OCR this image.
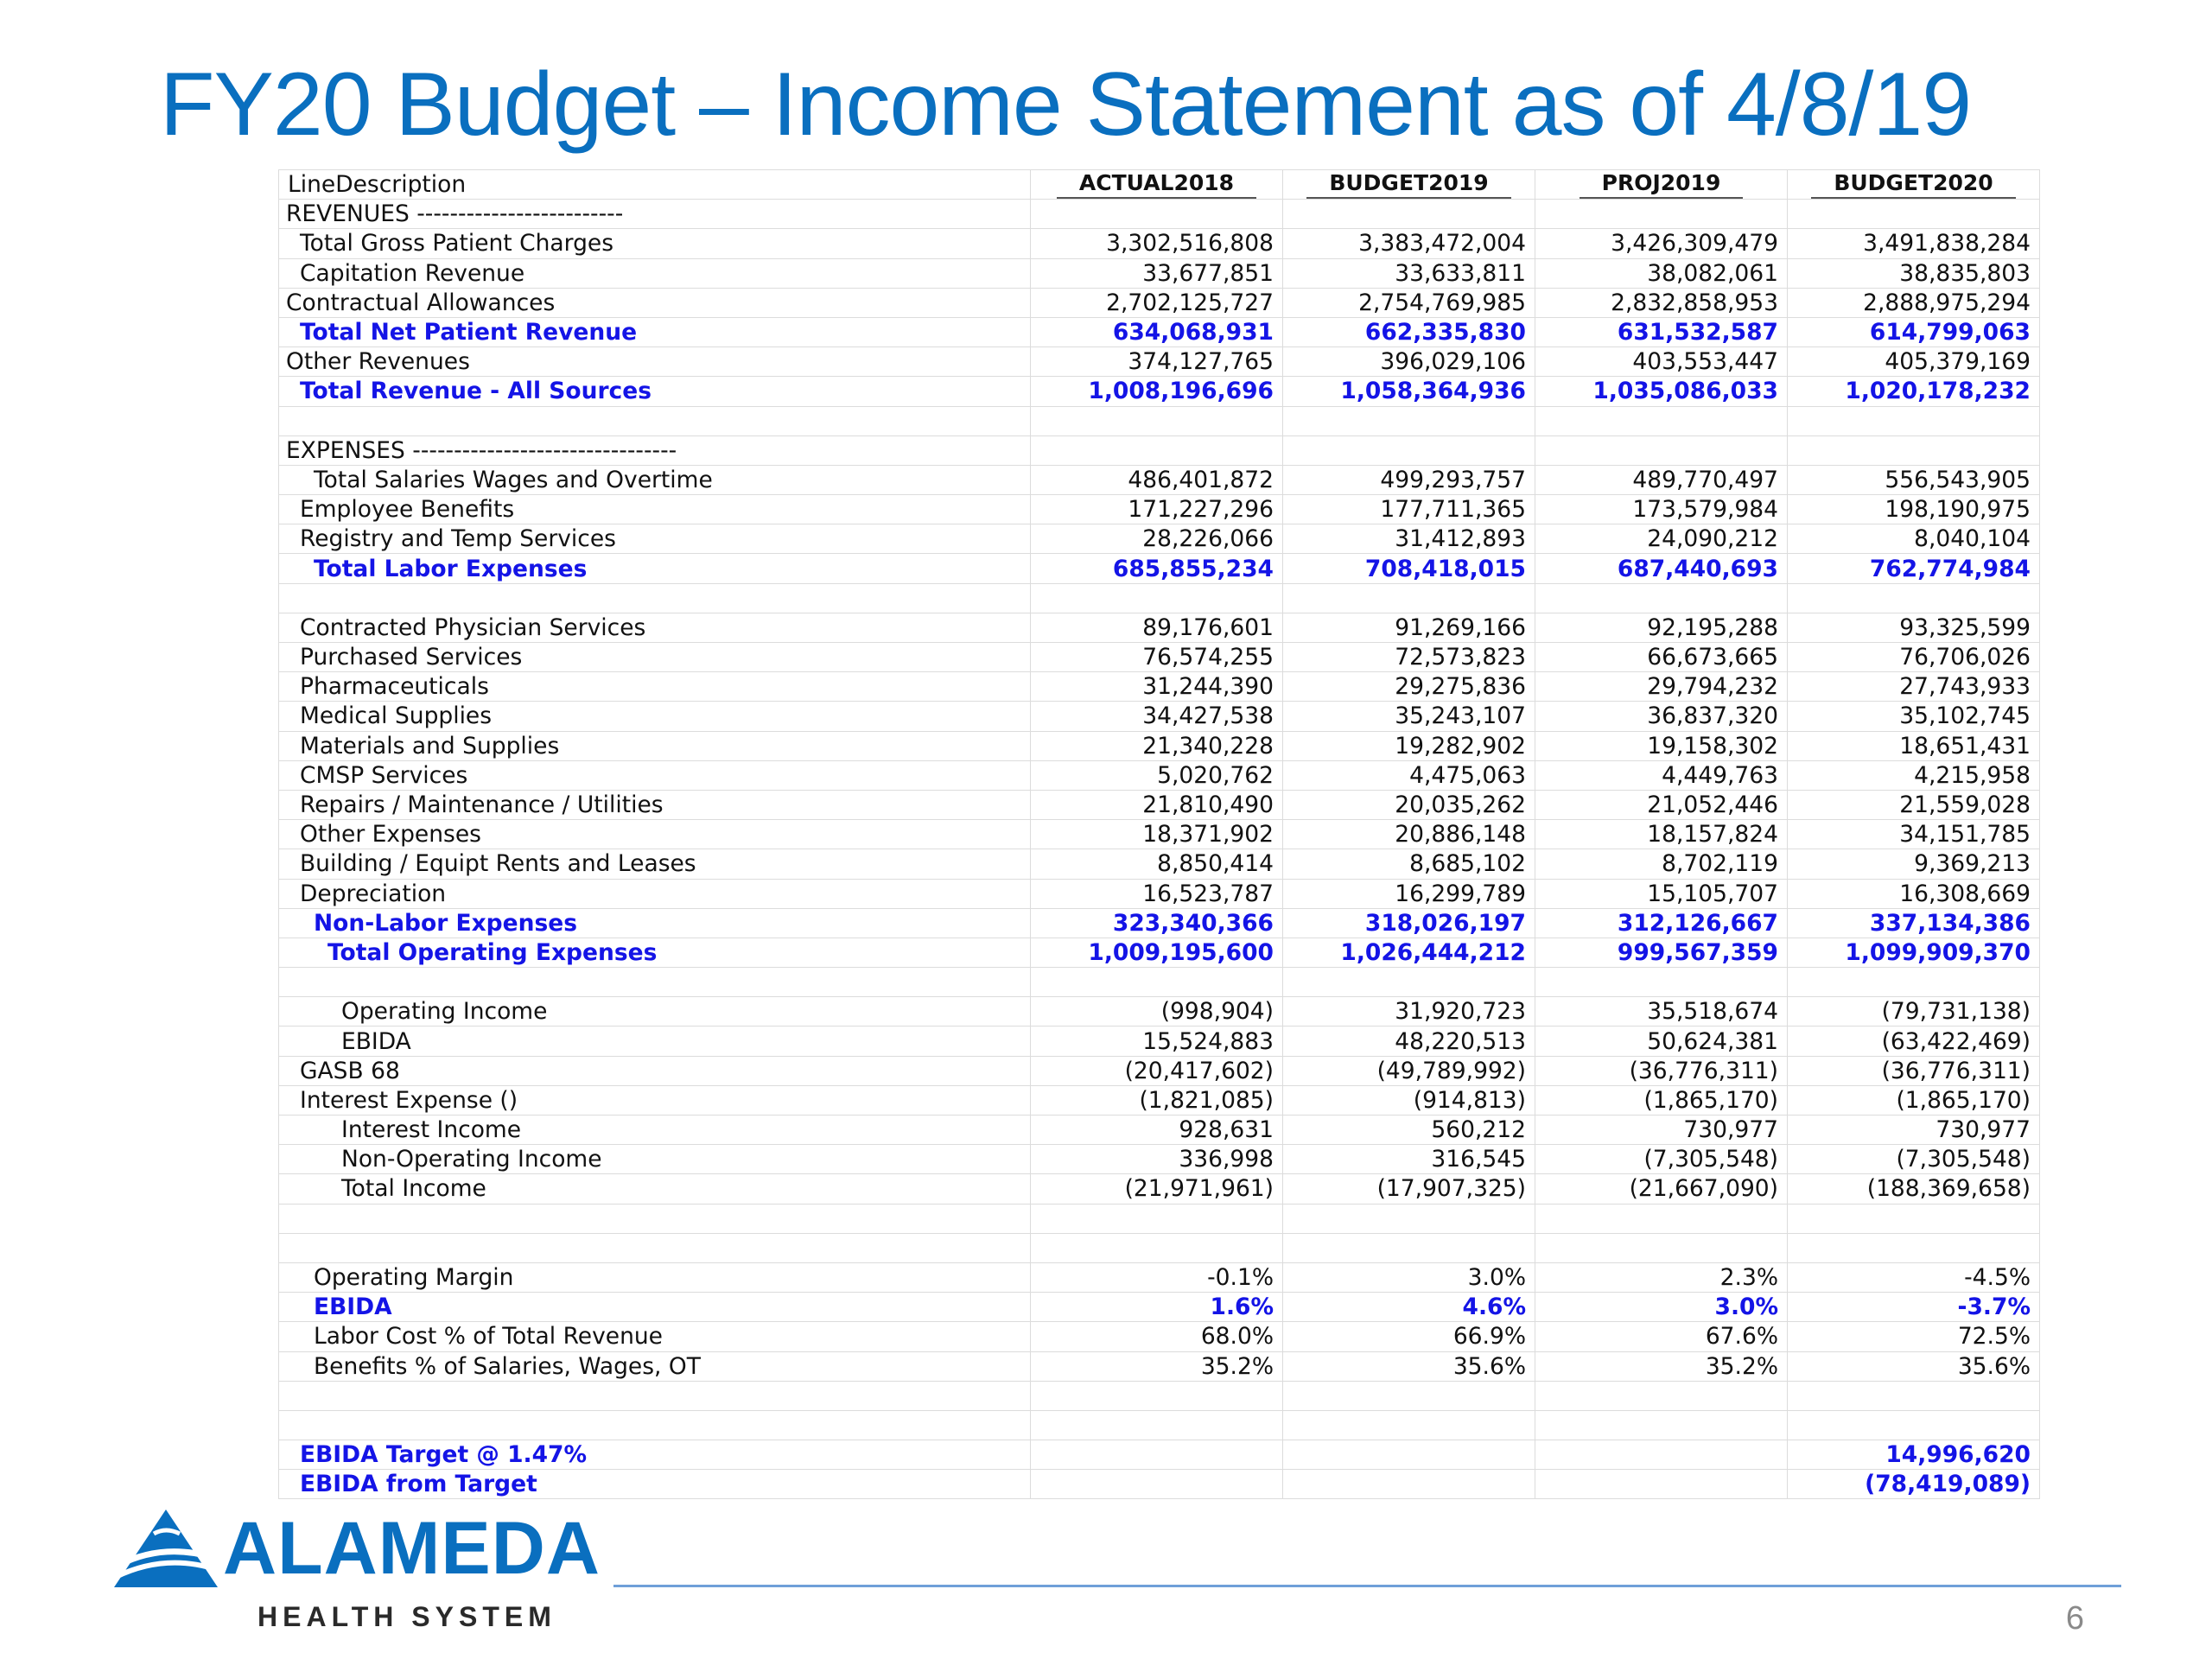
FY20 Budget – Income Statement as of 4/8/19
LineDescription	ACTUAL2018	BUDGET2019	PROJ2019	BUDGET2020
REVENUES -------------------------				
Total Gross Patient Charges	3,302,516,808	3,383,472,004	3,426,309,479	3,491,838,284
Capitation Revenue	33,677,851	33,633,811	38,082,061	38,835,803
Contractual Allowances	2,702,125,727	2,754,769,985	2,832,858,953	2,888,975,294
Total Net Patient Revenue	634,068,931	662,335,830	631,532,587	614,799,063
Other Revenues	374,127,765	396,029,106	403,553,447	405,379,169
Total Revenue - All Sources	1,008,196,696	1,058,364,936	1,035,086,033	1,020,178,232

EXPENSES --------------------------------				
Total Salaries Wages and Overtime	486,401,872	499,293,757	489,770,497	556,543,905
Employee Benefits	171,227,296	177,711,365	173,579,984	198,190,975
Registry and Temp Services	28,226,066	31,412,893	24,090,212	8,040,104
Total Labor Expenses	685,855,234	708,418,015	687,440,693	762,774,984

Contracted Physician Services	89,176,601	91,269,166	92,195,288	93,325,599
Purchased Services	76,574,255	72,573,823	66,673,665	76,706,026
Pharmaceuticals	31,244,390	29,275,836	29,794,232	27,743,933
Medical Supplies	34,427,538	35,243,107	36,837,320	35,102,745
Materials and Supplies	21,340,228	19,282,902	19,158,302	18,651,431
CMSP Services	5,020,762	4,475,063	4,449,763	4,215,958
Repairs / Maintenance / Utilities	21,810,490	20,035,262	21,052,446	21,559,028
Other Expenses	18,371,902	20,886,148	18,157,824	34,151,785
Building / Equipt Rents and Leases	8,850,414	8,685,102	8,702,119	9,369,213
Depreciation	16,523,787	16,299,789	15,105,707	16,308,669
Non-Labor Expenses	323,340,366	318,026,197	312,126,667	337,134,386
Total Operating Expenses	1,009,195,600	1,026,444,212	999,567,359	1,099,909,370

Operating Income	(998,904)	31,920,723	35,518,674	(79,731,138)
EBIDA	15,524,883	48,220,513	50,624,381	(63,422,469)
GASB 68	(20,417,602)	(49,789,992)	(36,776,311)	(36,776,311)
Interest Expense ()	(1,821,085)	(914,813)	(1,865,170)	(1,865,170)
Interest Income	928,631	560,212	730,977	730,977
Non-Operating Income	336,998	316,545	(7,305,548)	(7,305,548)
Total Income	(21,971,961)	(17,907,325)	(21,667,090)	(188,369,658)

Operating Margin	-0.1%	3.0%	2.3%	-4.5%
EBIDA	1.6%	4.6%	3.0%	-3.7%
Labor Cost % of Total Revenue	68.0%	66.9%	67.6%	72.5%
Benefits % of Salaries, Wages, OT	35.2%	35.6%	35.2%	35.6%

EBIDA Target @ 1.47%				14,996,620
EBIDA from Target				(78,419,089)
ALAMEDA
HEALTH SYSTEM	6
